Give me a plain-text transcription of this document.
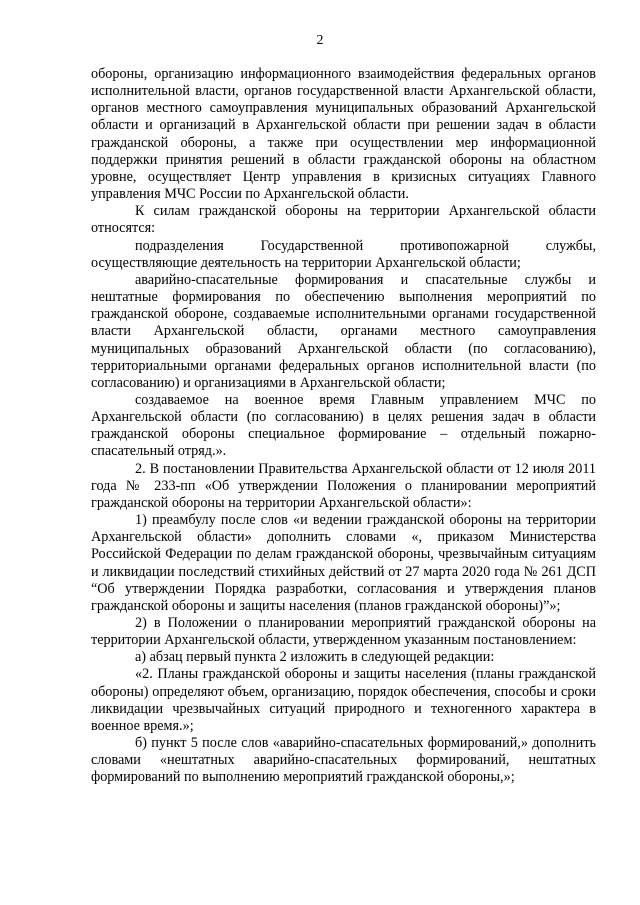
2

обороны, организацию информационного взаимодействия федеральных органов исполнительной власти, органов государственной власти Архангельской области, органов местного самоуправления муниципальных образований Архангельской области и организаций в Архангельской области при решении задач в области гражданской обороны, а также при осуществлении мер информационной поддержки принятия решений в области гражданской обороны на областном уровне, осуществляет Центр управления в кризисных ситуациях Главного управления МЧС России по Архангельской области.

К силам гражданской обороны на территории Архангельской области относятся:

подразделения Государственной противопожарной службы, осуществляющие деятельность на территории Архангельской области;

аварийно-спасательные формирования и спасательные службы и нештатные формирования по обеспечению выполнения мероприятий по гражданской обороне, создаваемые исполнительными органами государственной власти Архангельской области, органами местного самоуправления муниципальных образований Архангельской области (по согласованию), территориальными органами федеральных органов исполнительной власти (по согласованию) и организациями в Архангельской области;

создаваемое на военное время Главным управлением МЧС по Архангельской области (по согласованию) в целях решения задач в области гражданской обороны специальное формирование – отдельный пожарно-спасательный отряд.».

2. В постановлении Правительства Архангельской области от 12 июля 2011 года № 233-пп «Об утверждении Положения о планировании мероприятий гражданской обороны на территории Архангельской области»:

1) преамбулу после слов «и ведении гражданской обороны на территории Архангельской области» дополнить словами «, приказом Министерства Российской Федерации по делам гражданской обороны, чрезвычайным ситуациям и ликвидации последствий стихийных действий от 27 марта 2020 года № 261 ДСП “Об утверждении Порядка разработки, согласования и утверждения планов гражданской обороны и защиты населения (планов гражданской обороны)”»;

2) в Положении о планировании мероприятий гражданской обороны на территории Архангельской области, утвержденном указанным постановлением:

а) абзац первый пункта 2 изложить в следующей редакции:

«2. Планы гражданской обороны и защиты населения (планы гражданской обороны) определяют объем, организацию, порядок обеспечения, способы и сроки ликвидации чрезвычайных ситуаций природного и техногенного характера в военное время.»;

б) пункт 5 после слов «аварийно-спасательных формирований,» дополнить словами «нештатных аварийно-спасательных формирований, нештатных формирований по выполнению мероприятий гражданской обороны,»;
